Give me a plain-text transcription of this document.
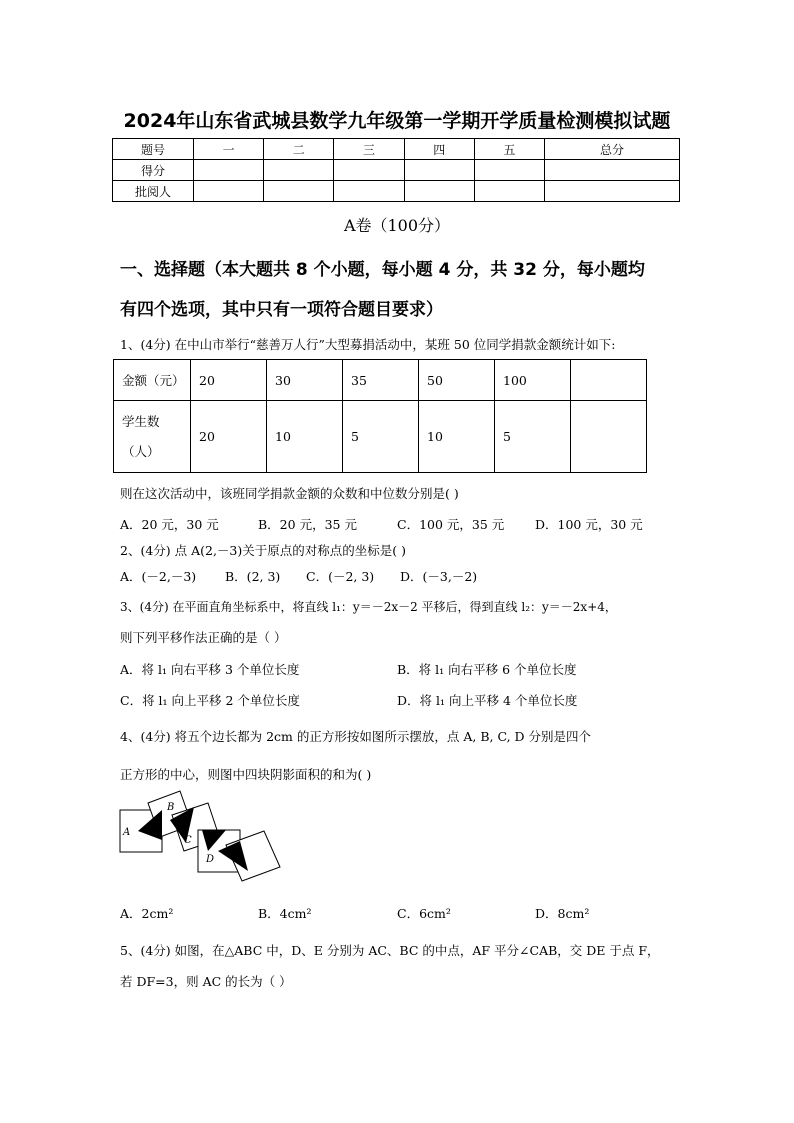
2024年山东省武城县数学九年级第一学期开学质量检测模拟试题
题号	一	二	三	四	五	总分
得分						
批阅人						
A卷（100分）
一、选择题（本大题共 8 个小题，每小题 4 分，共 32 分，每小题均
有四个选项，其中只有一项符合题目要求）
1、(4分) 在中山市举行“慈善万人行”大型募捐活动中，某班 50 位同学捐款金额统计如下:
金额（元）	20	30	35	50	100	

学生数
（人）	20	10	5	10	5	
则在这次活动中，该班同学捐款金额的众数和中位数分别是( )
A．20 元，30 元	B．20 元，35 元	C．100 元，35 元 D．100 元，30 元
2、(4分) 点 A(2,－3)关于原点的对称点的坐标是( )
A．(－2,－3) B．(2, 3) C．(－2, 3) D．(－3,－2)
3、(4分) 在平面直角坐标系中，将直线 l₁：y＝－2x－2 平移后，得到直线 l₂：y＝－2x+4，
则下列平移作法正确的是（ ）
A．将 l₁ 向右平移 3 个单位长度	B．将 l₁ 向右平移 6 个单位长度
C．将 l₁ 向上平移 2 个单位长度	D．将 l₁ 向上平移 4 个单位长度
4、(4分) 将五个边长都为 2cm 的正方形按如图所示摆放，点 A, B, C, D 分别是四个
正方形的中心，则图中四块阴影面积的和为( )
A
B
C
D
A．2cm²	B．4cm²	C．6cm²	D．8cm²
5、(4分) 如图，在△ABC 中，D、E 分别为 AC、BC 的中点，AF 平分∠CAB，交 DE 于点 F，
若 DF=3，则 AC 的长为（ ）
